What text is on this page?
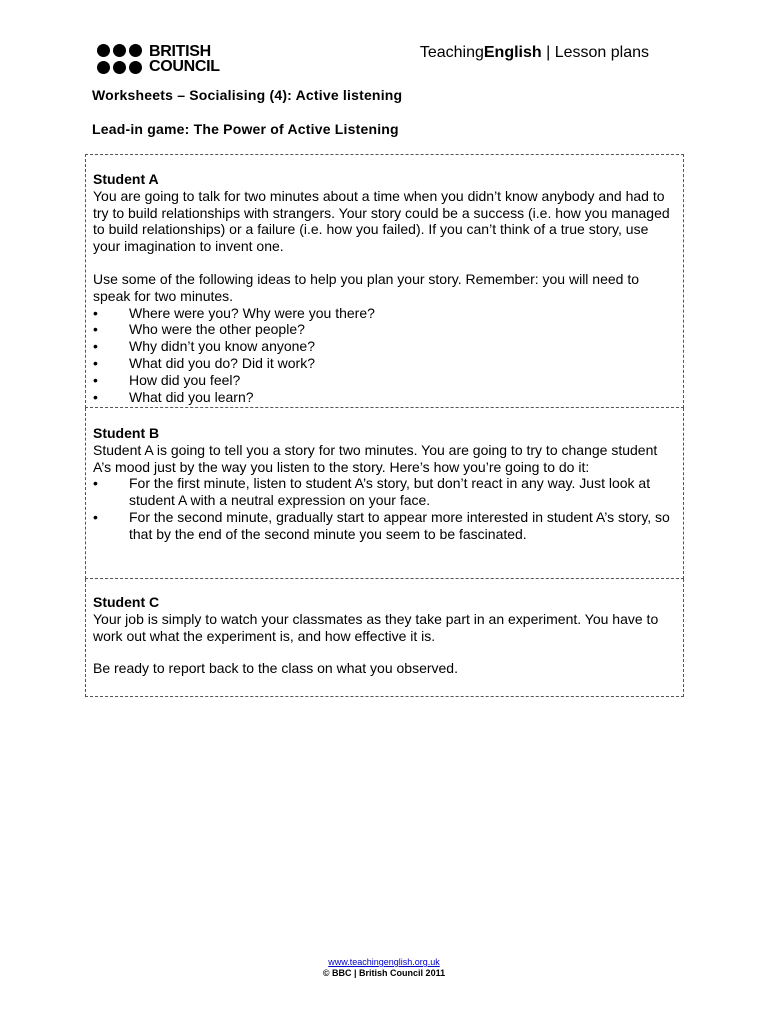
BRITISH
COUNCIL
TeachingEnglish | Lesson plans
Worksheets – Socialising (4): Active listening
Lead-in game: The Power of Active Listening
Student A

You are going to talk for two minutes about a time when you didn’t know anybody and had to try to build relationships with strangers. Your story could be a success (i.e. how you managed to build relationships) or a failure (i.e. how you failed). If you can’t think of a true story, use your imagination to invent one.

Use some of the following ideas to help you plan your story. Remember: you will need to speak for two minutes.
• Where were you? Why were you there?
• Who were the other people?
• Why didn’t you know anyone?
• What did you do? Did it work?
• How did you feel?
• What did you learn?
Student B
Student A is going to tell you a story for two minutes. You are going to try to change student A’s mood just by the way you listen to the story. Here’s how you’re going to do it:
• For the first minute, listen to student A’s story, but don’t react in any way. Just look at student A with a neutral expression on your face.
• For the second minute, gradually start to appear more interested in student A’s story, so that by the end of the second minute you seem to be fascinated.
Student C

Your job is simply to watch your classmates as they take part in an experiment. You have to work out what the experiment is, and how effective it is.

Be ready to report back to the class on what you observed.

www.teachingenglish.org.uk
© BBC | British Council 2011
